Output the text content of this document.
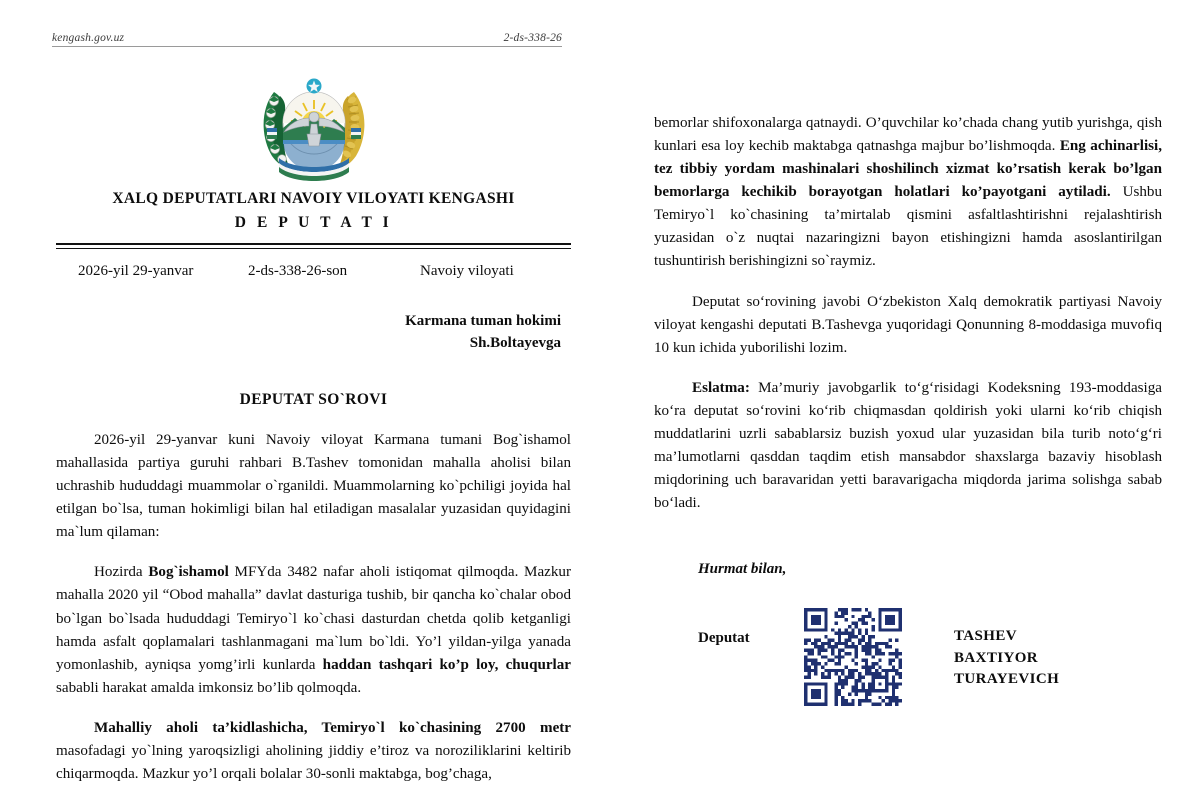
kengash.gov.uz	2-ds-338-26
XALQ DEPUTATLARI NAVOIY VILOYATI KENGASHI
D E P U T A T I
2026-yil 29-yanvar	2-ds-338-26-son	Navoiy viloyati
Karmana tuman hokimi
Sh.Boltayevga
DEPUTAT SO`ROVI

2026-yil 29-yanvar kuni Navoiy viloyat Karmana tumani Bog`ishamol mahallasida partiya guruhi rahbari B.Tashev tomonidan mahalla aholisi bilan uchrashib hududdagi muammolar o`rganildi. Muammolarning ko`pchiligi joyida hal etilgan bo`lsa, tuman hokimligi bilan hal etiladigan masalalar yuzasidan quyidagini ma`lum qilaman:

Hozirda Bog`ishamol MFYda 3482 nafar aholi istiqomat qilmoqda. Mazkur mahalla 2020 yil “Obod mahalla” davlat dasturiga tushib, bir qancha ko`chalar obod bo`lgan bo`lsada hududdagi Temiryo`l ko`chasi dasturdan chetda qolib ketganligi hamda asfalt qoplamalari tashlanmagani ma`lum bo`ldi. Yo’l yildan-yilga yanada yomonlashib, ayniqsa yomg’irli kunlarda haddan tashqari ko’p loy, chuqurlar sababli harakat amalda imkonsiz bo’lib qolmoqda.

Mahalliy aholi ta’kidlashicha, Temiryo`l ko`chasining 2700 metr masofadagi yo`lning yaroqsizligi aholining jiddiy e’tiroz va noroziliklarini keltirib chiqarmoqda. Mazkur yo’l orqali bolalar 30-sonli maktabga, bog’chaga,

bemorlar shifoxonalarga qatnaydi. O’quvchilar ko’chada chang yutib yurishga, qish kunlari esa loy kechib maktabga qatnashga majbur bo’lishmoqda. Eng achinarlisi, tez tibbiy yordam mashinalari shoshilinch xizmat ko’rsatish kerak bo’lgan bemorlarga kechikib borayotgan holatlari ko’payotgani aytiladi. Ushbu Temiryo`l ko`chasining ta’mirtalab qismini asfaltlashtirishni rejalashtirish yuzasidan o`z nuqtai nazaringizni bayon etishingizni hamda asoslantirilgan tushuntirish berishingizni so`raymiz.

Deputat so‘rovining javobi O‘zbekiston Xalq demokratik partiyasi Navoiy viloyat kengashi deputati B.Tashevga yuqoridagi Qonunning 8-moddasiga muvofiq 10 kun ichida yuborilishi lozim.

Eslatma: Ma’muriy javobgarlik to‘g‘risidagi Kodeksning 193-moddasiga ko‘ra deputat so‘rovini ko‘rib chiqmasdan qoldirish yoki ularni ko‘rib chiqish muddatlarini uzrli sabablarsiz buzish yoxud ular yuzasidan bila turib noto‘g‘ri ma’lumotlarni qasddan taqdim etish mansabdor shaxslarga bazaviy hisoblash miqdorining uch baravaridan yetti baravarigacha miqdorda jarima solishga sabab bo‘ladi.

Hurmat bilan,
Deputat	TASHEV
BAXTIYOR
TURAYEVICH
